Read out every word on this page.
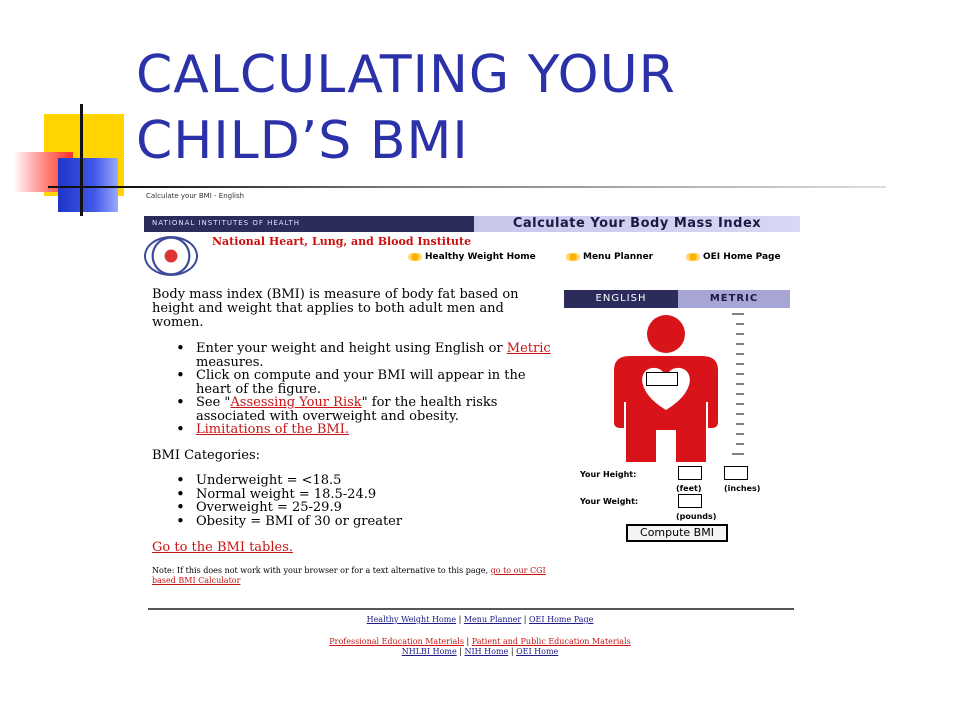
CALCULATING YOUR
CHILD’S BMI
Calculate your BMI - English
NATIONAL INSTITUTES OF HEALTH	Calculate Your Body Mass Index
National Heart, Lung, and Blood Institute
Healthy Weight Home	Menu Planner	OEI Home Page

Body mass index (BMI) is measure of body fat based on height and weight that applies to both adult men and women.

• Enter your weight and height using English or Metric measures.
• Click on compute and your BMI will appear in the heart of the figure.
• See "Assessing Your Risk" for the health risks associated with overweight and obesity.
• Limitations of the BMI.
BMI Categories:
• Underweight = <18.5
• Normal weight = 18.5-24.9
• Overweight = 25-29.9
• Obesity = BMI of 30 or greater
Go to the BMI tables.

Note: If this does not work with your browser or for a text alternative to this page, go to our CGI based BMI Calculator

ENGLISH	METRIC
Your Height:
(feet)	(inches)
Your Weight:
(pounds)
Compute BMI
Healthy Weight Home | Menu Planner | OEI Home Page
Professional Education Materials | Patient and Public Education Materials
NHLBI Home | NIH Home | OEI Home
